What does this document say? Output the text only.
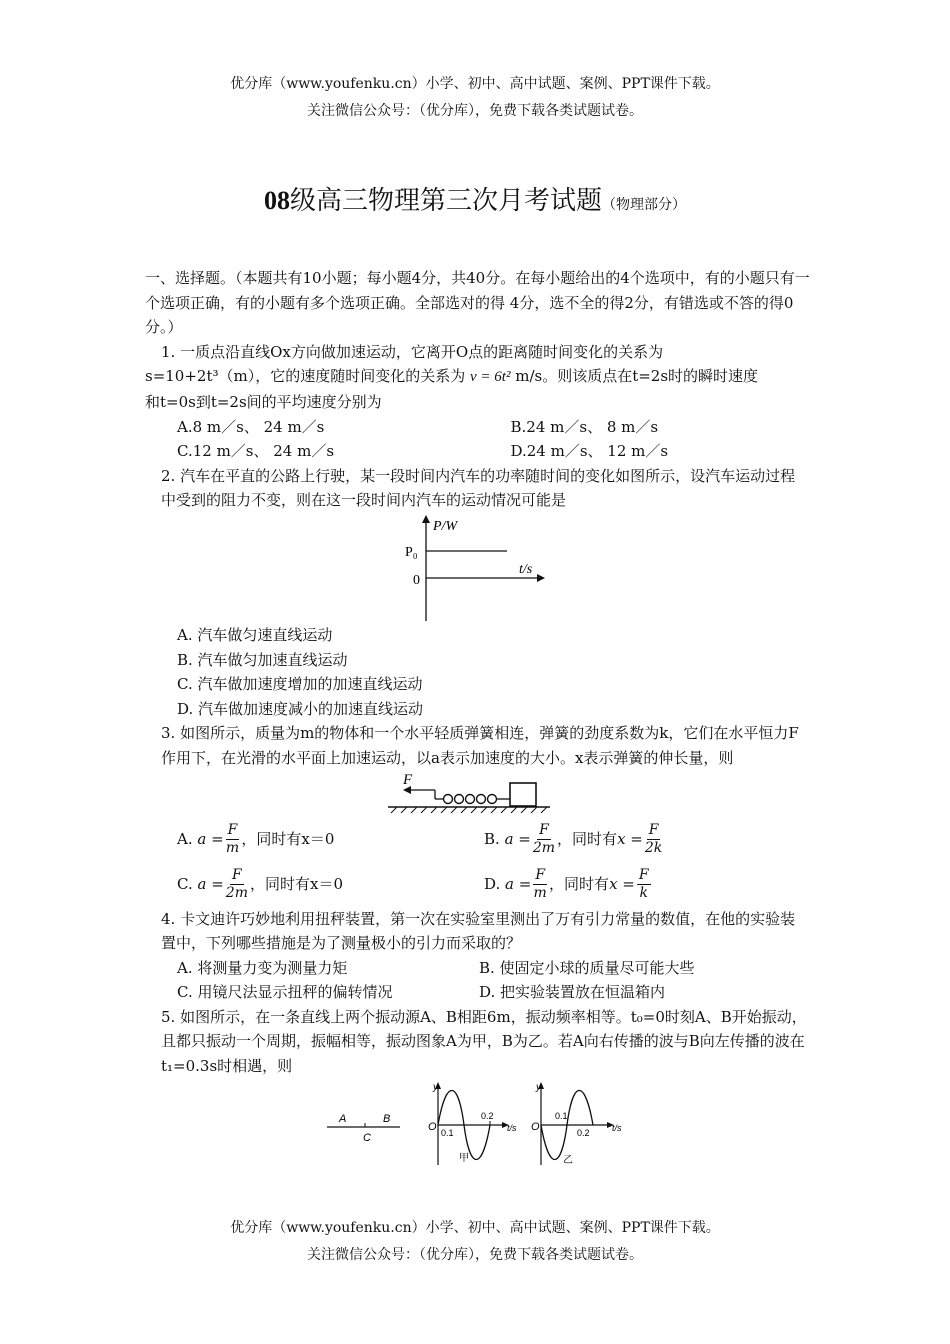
优分库（www.youfenku.cn）小学、初中、高中试题、案例、PPT课件下载。
关注微信公众号：（优分库），免费下载各类试题试卷。
08级高三物理第三次月考试题（物理部分）

一、选择题。（本题共有10小题；每小题4分，共40分。在每小题给出的4个选项中，有的小题只有一个选项正确，有的小题有多个选项正确。全部选对的得 4分，选不全的得2分，有错选或不答的得0分。）

1. 一质点沿直线Ox方向做加速运动，它离开O点的距离随时间变化的关系为

s=10+2t³（m），它的速度随时间变化的关系为 v = 6t² m/s。则该质点在t=2s时的瞬时速度

和t=0s到t=2s间的平均速度分别为

A.8 m／s、 24 m／s	B.24 m／s、 8 m／s
C.12 m／s、 24 m／s	D.24 m／s、 12 m／s

2. 汽车在平直的公路上行驶，某一段时间内汽车的功率随时间的变化如图所示，设汽车运动过程中受到的阻力不变，则在这一段时间内汽车的运动情况可能是

P/W
P₀
0
t/s

A. 汽车做匀速直线运动

B. 汽车做匀加速直线运动

C. 汽车做加速度增加的加速直线运动

D. 汽车做加速度减小的加速直线运动

3. 如图所示，质量为m的物体和一个水平轻质弹簧相连，弹簧的劲度系数为k，它们在水平恒力F作用下，在光滑的水平面上加速运动，以a表示加速度的大小。x表示弹簧的伸长量，则

F
A.
$a = \frac{F}{m}$ ，同时有 x＝0	B.
$a = \frac{F}{2m}$ ，同时有 $x = \frac{F}{2k}$
C.
$a = \frac{F}{2m}$ ，同时有 x＝0	D.
$a = \frac{F}{m}$ ，同时有 $x = \frac{F}{k}$

4. 卡文迪许巧妙地利用扭秤装置，第一次在实验室里测出了万有引力常量的数值，在他的实验装置中，下列哪些措施是为了测量极小的引力而采取的？

A. 将测量力变为测量力矩	B. 使固定小球的质量尽可能大些
C. 用镜尺法显示扭秤的偏转情况	D. 把实验装置放在恒温箱内

5. 如图所示，在一条直线上两个振动源A、B相距6m，振动频率相等。t₀=0时刻A、B开始振动，且都只振动一个周期，振幅相等，振动图象A为甲，B为乙。若A向右传播的波与B向左传播的波在t₁=0.3s时相遇，则

A	B
C
y
O 0.1
0.2
t/s
甲
y
O
0.1
0.2 t/s
乙
优分库（www.youfenku.cn）小学、初中、高中试题、案例、PPT课件下载。
关注微信公众号：（优分库），免费下载各类试题试卷。
